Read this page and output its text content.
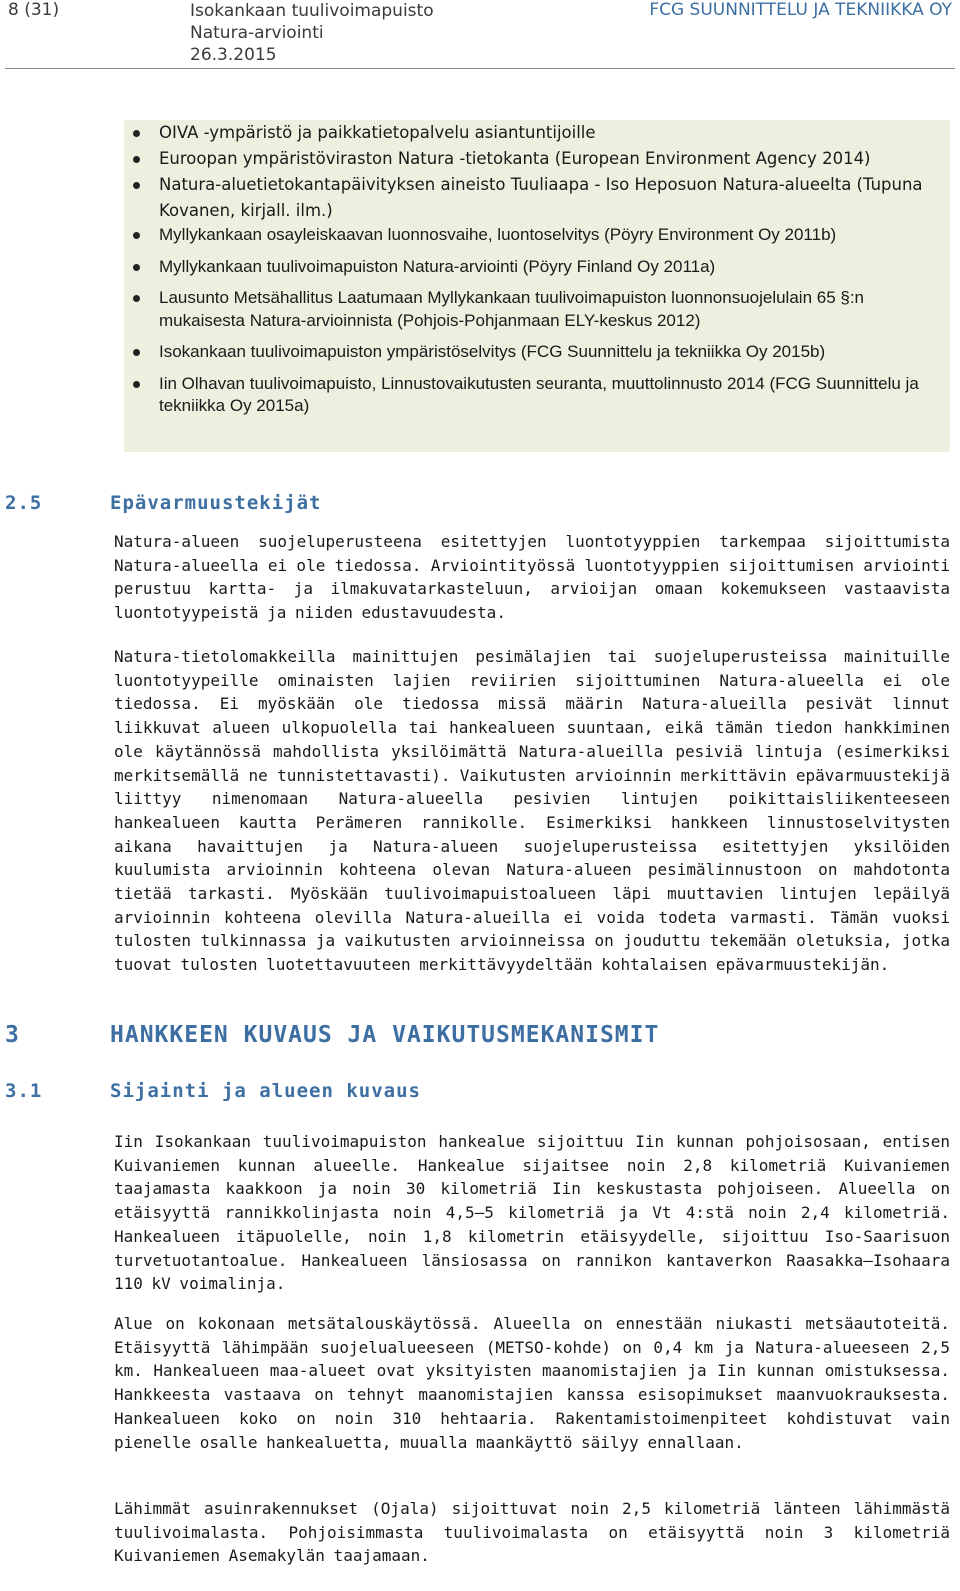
8 (31)	Isokankaan tuulivoimapuisto
Natura-arviointi
26.3.2015
FCG SUUNNITTELU JA TEKNIIKKA OY
OIVA -ympäristö ja paikkatietopalvelu asiantuntijoille
Euroopan ympäristöviraston Natura -tietokanta (European Environment Agency 2014)
Natura-aluetietokantapäivityksen aineisto Tuuliaapa - Iso Heposuon Natura-alueelta (Tupuna Kovanen, kirjall. ilm.)
Myllykankaan osayleiskaavan luonnosvaihe, luontoselvitys (Pöyry Environment Oy 2011b)
Myllykankaan tuulivoimapuiston Natura-arviointi (Pöyry Finland Oy 2011a)
Lausunto Metsähallitus Laatumaan Myllykankaan tuulivoimapuiston luonnonsuojelulain 65 §:n mukaisesta Natura-arvioinnista (Pohjois-Pohjanmaan ELY-keskus 2012)
Isokankaan tuulivoimapuiston ympäristöselvitys (FCG Suunnittelu ja tekniikka Oy 2015b)
Iin Olhavan tuulivoimapuisto, Linnustovaikutusten seuranta, muuttolinnusto 2014 (FCG Suunnittelu ja tekniikka Oy 2015a)
2.5	Epävarmuustekijät

Natura-alueen suojeluperusteena esitettyjen luontotyyppien tarkempaa sijoittumista Natura-alueella ei ole tiedossa. Arviointityössä luontotyyppien sijoittumisen arviointi perustuu kartta- ja ilmakuvatarkasteluun, arvioijan omaan kokemukseen vastaavista luontotyypeistä ja niiden edustavuudesta.

Natura-tietolomakkeilla mainittujen pesimälajien tai suojeluperusteissa mainituille luontotyypeille ominaisten lajien reviirien sijoittuminen Natura-alueella ei ole tiedossa. Ei myöskään ole tiedossa missä määrin Natura-alueilla pesivät linnut liikkuvat alueen ulkopuolella tai hankealueen suuntaan, eikä tämän tiedon hankkiminen ole käytännössä mahdollista yksilöimättä Natura-alueilla pesiviä lintuja (esimerkiksi merkitsemällä ne tunnistettavasti). Vaikutusten arvioinnin merkittävin epävarmuustekijä liittyy nimenomaan Natura-alueella pesivien lintujen poikittaisliikenteeseen hankealueen kautta Perämeren rannikolle. Esimerkiksi hankkeen linnustoselvitysten aikana havaittujen ja Natura-alueen suojeluperusteissa esitettyjen yksilöiden kuulumista arvioinnin kohteena olevan Natura-alueen pesimälinnustoon on mahdotonta tietää tarkasti. Myöskään tuulivoimapuistoalueen läpi muuttavien lintujen lepäilyä arvioinnin kohteena olevilla Natura-alueilla ei voida todeta varmasti. Tämän vuoksi tulosten tulkinnassa ja vaikutusten arvioinneissa on jouduttu tekemään oletuksia, jotka tuovat tulosten luotettavuuteen merkittävyydeltään kohtalaisen epävarmuustekijän.

3	HANKKEEN KUVAUS JA VAIKUTUSMEKANISMIT
3.1	Sijainti ja alueen kuvaus

Iin Isokankaan tuulivoimapuiston hankealue sijoittuu Iin kunnan pohjoisosaan, entisen Kuivaniemen kunnan alueelle. Hankealue sijaitsee noin 2,8 kilometriä Kuivaniemen taajamasta kaakkoon ja noin 30 kilometriä Iin keskustasta pohjoiseen. Alueella on etäisyyttä rannikkolinjasta noin 4,5–5 kilometriä ja Vt 4:stä noin 2,4 kilometriä. Hankealueen itäpuolelle, noin 1,8 kilometrin etäisyydelle, sijoittuu Iso-Saarisuon turvetuotantoalue. Hankealueen länsiosassa on rannikon kantaverkon Raasakka–Isohaara 110 kV voimalinja.

Alue on kokonaan metsätalouskäytössä. Alueella on ennestään niukasti metsäautoteitä. Etäisyyttä lähimpään suojelualueeseen (METSO-kohde) on 0,4 km ja Natura-alueeseen 2,5 km. Hankealueen maa-alueet ovat yksityisten maanomistajien ja Iin kunnan omistuksessa. Hankkeesta vastaava on tehnyt maanomistajien kanssa esisopimukset maanvuokrauksesta. Hankealueen koko on noin 310 hehtaaria. Rakentamistoimenpiteet kohdistuvat vain pienelle osalle hankealuetta, muualla maankäyttö säilyy ennallaan.

Lähimmät asuinrakennukset (Ojala) sijoittuvat noin 2,5 kilometriä länteen lähimmästä tuulivoimalasta. Pohjoisimmasta tuulivoimalasta on etäisyyttä noin 3 kilometriä Kuivaniemen Asemakylän taajamaan.
